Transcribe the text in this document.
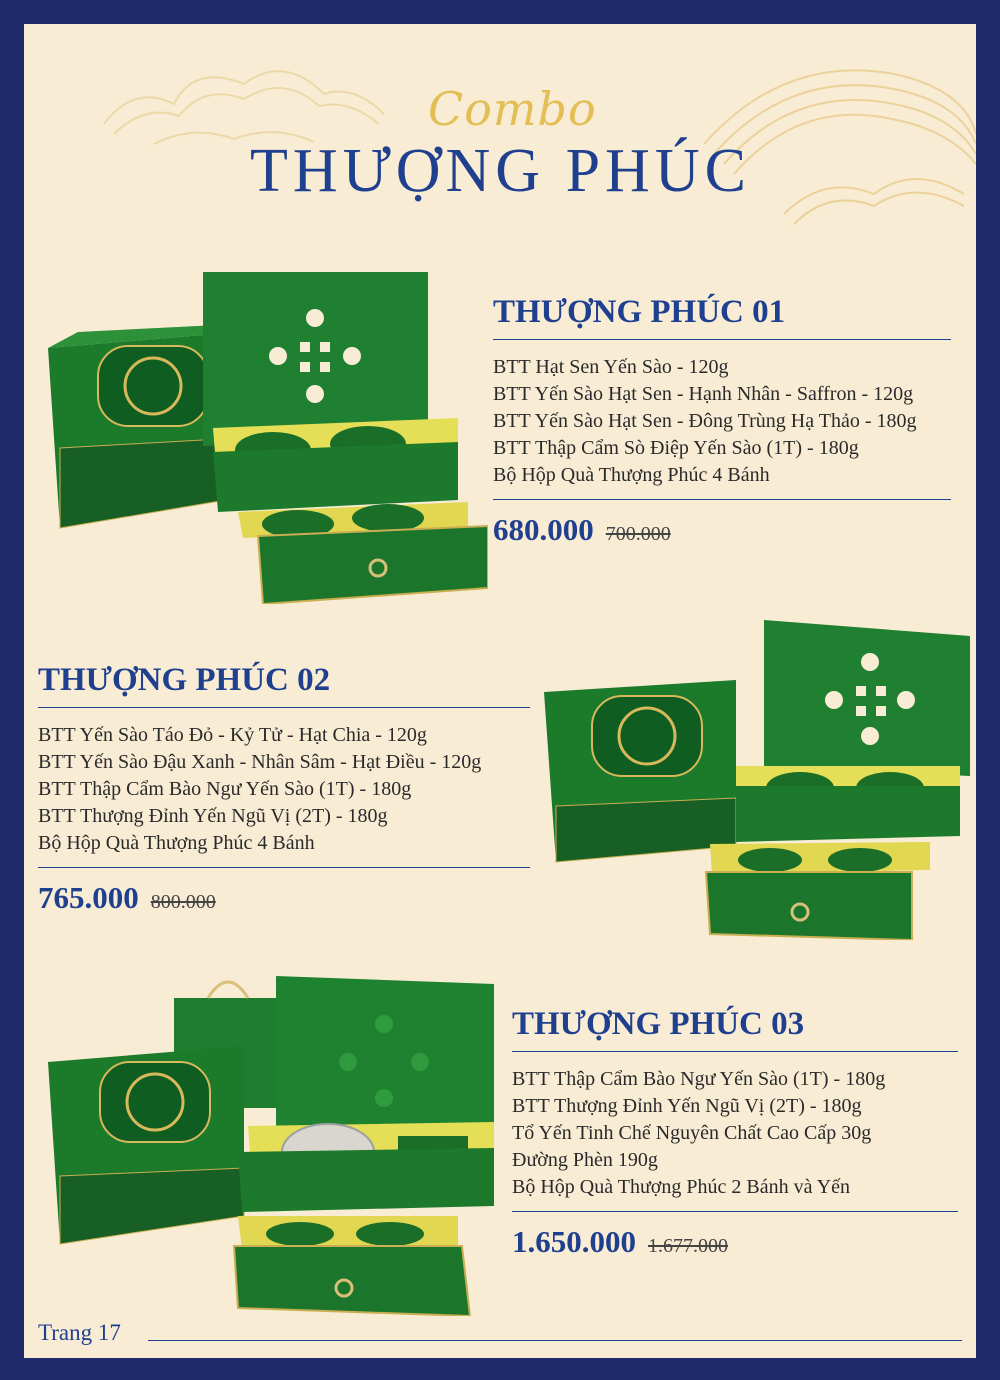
Combo
THƯỢNG PHÚC
THƯỢNG PHÚC 01
BTT Hạt Sen Yến Sào - 120g
BTT Yến Sào Hạt Sen - Hạnh Nhân - Saffron - 120g
BTT Yến Sào Hạt Sen - Đông Trùng Hạ Thảo - 180g
BTT Thập Cẩm Sò Điệp Yến Sào (1T) - 180g
Bộ Hộp Quà Thượng Phúc 4 Bánh
680.000 700.000
THƯỢNG PHÚC 02
BTT Yến Sào Táo Đỏ - Kỷ Tử - Hạt Chia - 120g
BTT Yến Sào Đậu Xanh - Nhân Sâm - Hạt Điều - 120g
BTT Thập Cẩm Bào Ngư Yến Sào (1T) - 180g
BTT Thượng Đỉnh Yến Ngũ Vị (2T) - 180g
Bộ Hộp Quà Thượng Phúc 4 Bánh
765.000 800.000
THƯỢNG PHÚC 03
BTT Thập Cẩm Bào Ngư Yến Sào (1T) - 180g
BTT Thượng Đỉnh Yến Ngũ Vị (2T) - 180g
Tổ Yến Tinh Chế Nguyên Chất Cao Cấp 30g
Đường Phèn 190g
Bộ Hộp Quà Thượng Phúc 2 Bánh và Yến
1.650.000 1.677.000
Trang 17
